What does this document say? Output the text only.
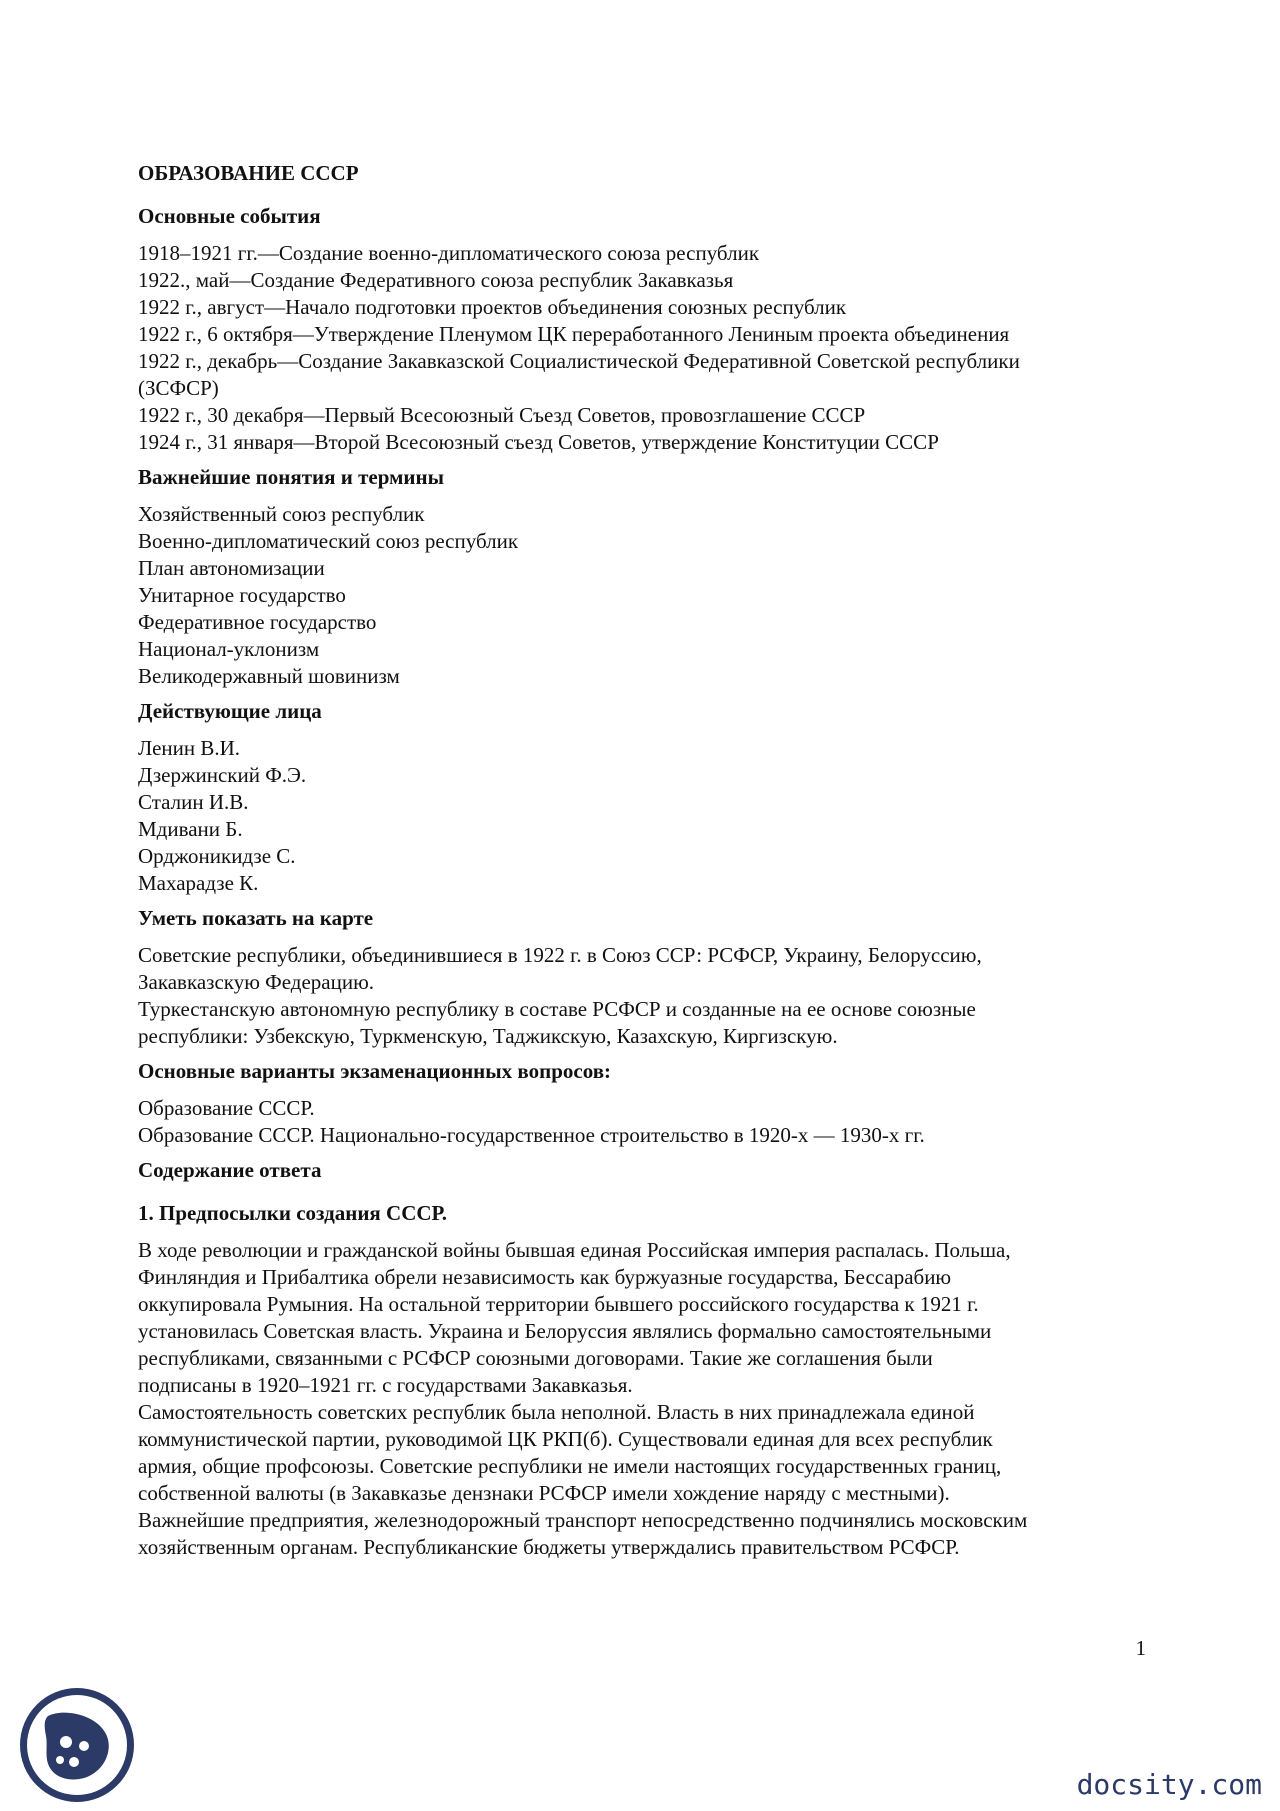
ОБРАЗОВАНИЕ СССР
Основные события
1918–1921 гг.—Создание военно-дипломатического союза республик
1922., май—Создание Федеративного союза республик Закавказья
1922 г., август—Начало подготовки проектов объединения союзных республик
1922 г., 6 октября—Утверждение Пленумом ЦК переработанного Лениным проекта объединения
1922 г., декабрь—Создание Закавказской Социалистической Федеративной Советской республики
(ЗСФСР)
1922 г., 30 декабря—Первый Всесоюзный Съезд Советов, провозглашение СССР
1924 г., 31 января—Второй Всесоюзный съезд Советов, утверждение Конституции СССР
Важнейшие понятия и термины
Хозяйственный союз республик
Военно-дипломатический союз республик
План автономизации
Унитарное государство
Федеративное государство
Национал-уклонизм
Великодержавный шовинизм
Действующие лица
Ленин В.И.
Дзержинский Ф.Э.
Сталин И.В.
Мдивани Б.
Орджоникидзе С.
Махарадзе К.
Уметь показать на карте
Советские республики, объединившиеся в 1922 г. в Союз ССР: РСФСР, Украину, Белоруссию,
Закавказскую Федерацию.
Туркестанскую автономную республику в составе РСФСР и созданные на ее основе союзные
республики: Узбекскую, Туркменскую, Таджикскую, Казахскую, Киргизскую.
Основные варианты экзаменационных вопросов:
Образование СССР.
Образование СССР. Национально-государственное строительство в 1920-х — 1930-х гг.
Содержание ответа
1. Предпосылки создания СССР.
В ходе революции и гражданской войны бывшая единая Российская империя распалась. Польша,
Финляндия и Прибалтика обрели независимость как буржуазные государства, Бессарабию
оккупировала Румыния. На остальной территории бывшего российского государства к 1921 г.
установилась Советская власть. Украина и Белоруссия являлись формально самостоятельными
республиками, связанными с РСФСР союзными договорами. Такие же соглашения были
подписаны в 1920–1921 гг. с государствами Закавказья.
Самостоятельность советских республик была неполной. Власть в них принадлежала единой
коммунистической партии, руководимой ЦК РКП(б). Существовали единая для всех республик
армия, общие профсоюзы. Советские республики не имели настоящих государственных границ,
собственной валюты (в Закавказье дензнаки РСФСР имели хождение наряду с местными).
Важнейшие предприятия, железнодорожный транспорт непосредственно подчинялись московским
хозяйственным органам. Республиканские бюджеты утверждались правительством РСФСР.
1
docsity.com
